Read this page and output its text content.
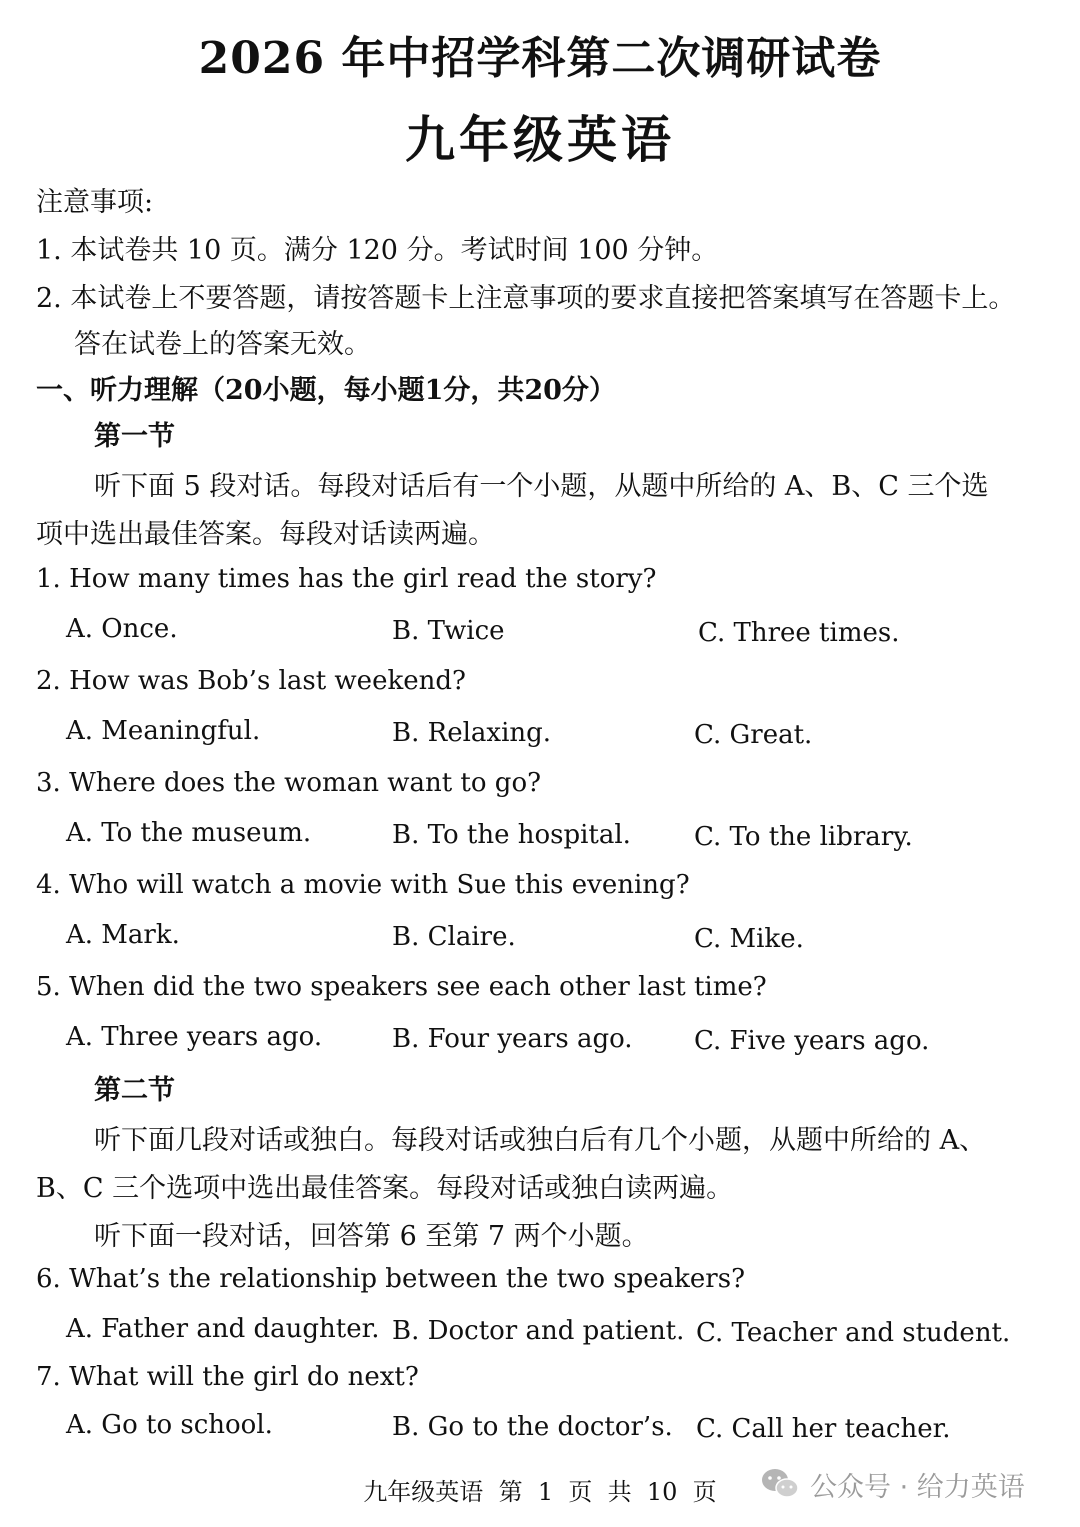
2026 年中招学科第二次调研试卷
九年级英语
注意事项:
1. 本试卷共 10 页。满分 120 分。考试时间 100 分钟。
2. 本试卷上不要答题，请按答题卡上注意事项的要求直接把答案填写在答题卡上。
答在试卷上的答案无效。
一、听力理解（20小题，每小题1分，共20分）
第一节
听下面 5 段对话。每段对话后有一个小题，从题中所给的 A、B、C 三个选
项中选出最佳答案。每段对话读两遍。
1. How many times has the girl read the story?
A. Once.	B. Twice	C. Three times.
2. How was Bob’s last weekend?
A. Meaningful.	B. Relaxing.	C. Great.
3. Where does the woman want to go?
A. To the museum.	B. To the hospital. C. To the library.
4. Who will watch a movie with Sue this evening?
A. Mark.	B. Claire.	C. Mike.
5. When did the two speakers see each other last time?
A. Three years ago.	B. Four years ago. C. Five years ago.
第二节
听下面几段对话或独白。每段对话或独白后有几个小题，从题中所给的 A、
B、C 三个选项中选出最佳答案。每段对话或独白读两遍。
听下面一段对话，回答第 6 至第 7 两个小题。
6. What’s the relationship between the two speakers?
A. Father and daughter. B. Doctor and patient. C. Teacher and student.
7. What will the girl do next?
A. Go to school.	B. Go to the doctor’s. C. Call her teacher.
九年级英语  第  1  页  共  10  页	公众号 · 给力英语
